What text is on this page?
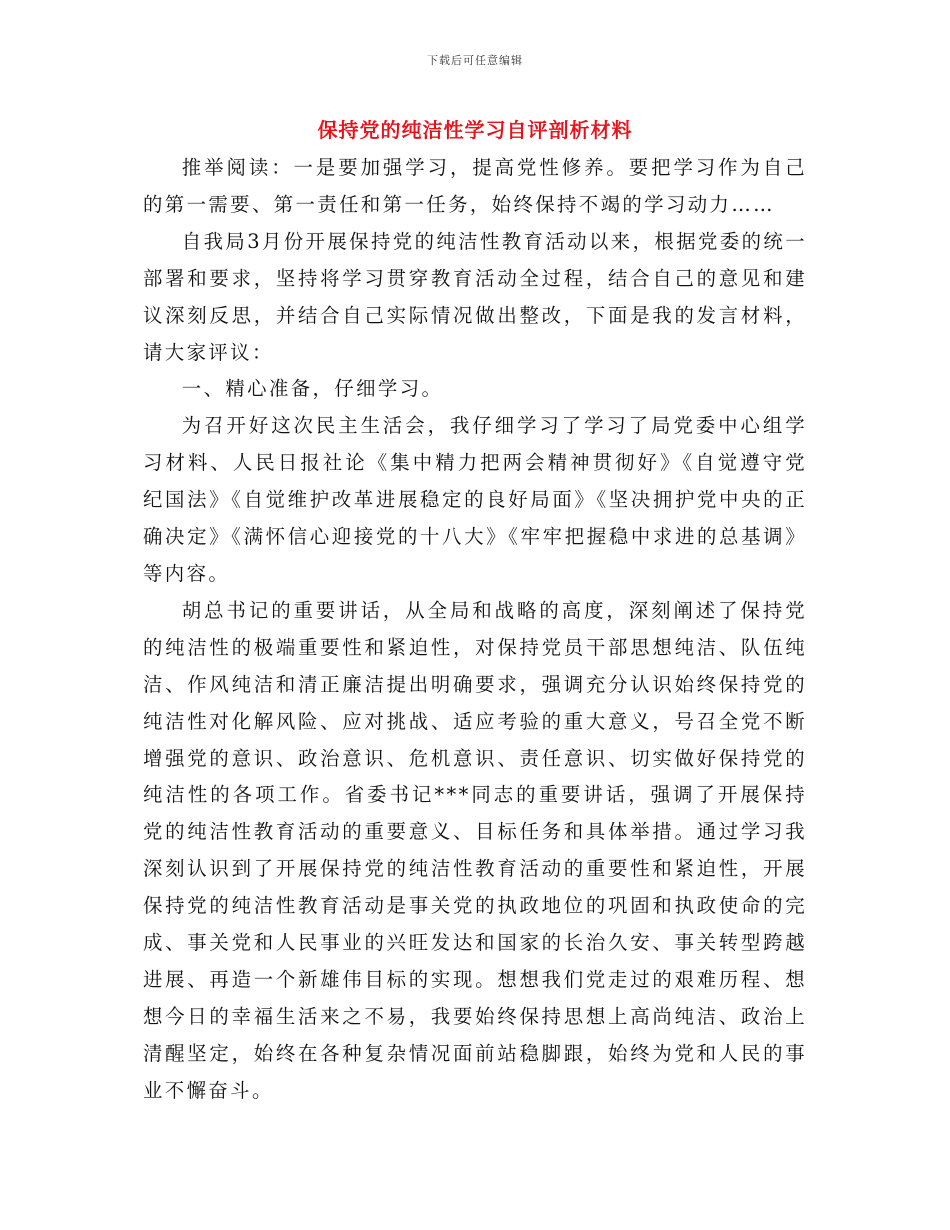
下载后可任意编辑
保持党的纯洁性学习自评剖析材料

推举阅读：一是要加强学习，提高党性修养。要把学习作为自己的第一需要、第一责任和第一任务，始终保持不竭的学习动力……

自我局3月份开展保持党的纯洁性教育活动以来，根据党委的统一部署和要求，坚持将学习贯穿教育活动全过程，结合自己的意见和建议深刻反思，并结合自己实际情况做出整改，下面是我的发言材料，请大家评议：

一、精心准备，仔细学习。

为召开好这次民主生活会，我仔细学习了学习了局党委中心组学习材料、人民日报社论《集中精力把两会精神贯彻好》《自觉遵守党纪国法》《自觉维护改革进展稳定的良好局面》《坚决拥护党中央的正确决定》《满怀信心迎接党的十八大》《牢牢把握稳中求进的总基调》等内容。

胡总书记的重要讲话，从全局和战略的高度，深刻阐述了保持党的纯洁性的极端重要性和紧迫性，对保持党员干部思想纯洁、队伍纯洁、作风纯洁和清正廉洁提出明确要求，强调充分认识始终保持党的纯洁性对化解风险、应对挑战、适应考验的重大意义，号召全党不断增强党的意识、政治意识、危机意识、责任意识、切实做好保持党的纯洁性的各项工作。省委书记***同志的重要讲话，强调了开展保持党的纯洁性教育活动的重要意义、目标任务和具体举措。通过学习我深刻认识到了开展保持党的纯洁性教育活动的重要性和紧迫性，开展保持党的纯洁性教育活动是事关党的执政地位的巩固和执政使命的完成、事关党和人民事业的兴旺发达和国家的长治久安、事关转型跨越进展、再造一个新雄伟目标的实现。想想我们党走过的艰难历程、想想今日的幸福生活来之不易，我要始终保持思想上高尚纯洁、政治上清醒坚定，始终在各种复杂情况面前站稳脚跟，始终为党和人民的事业不懈奋斗。
